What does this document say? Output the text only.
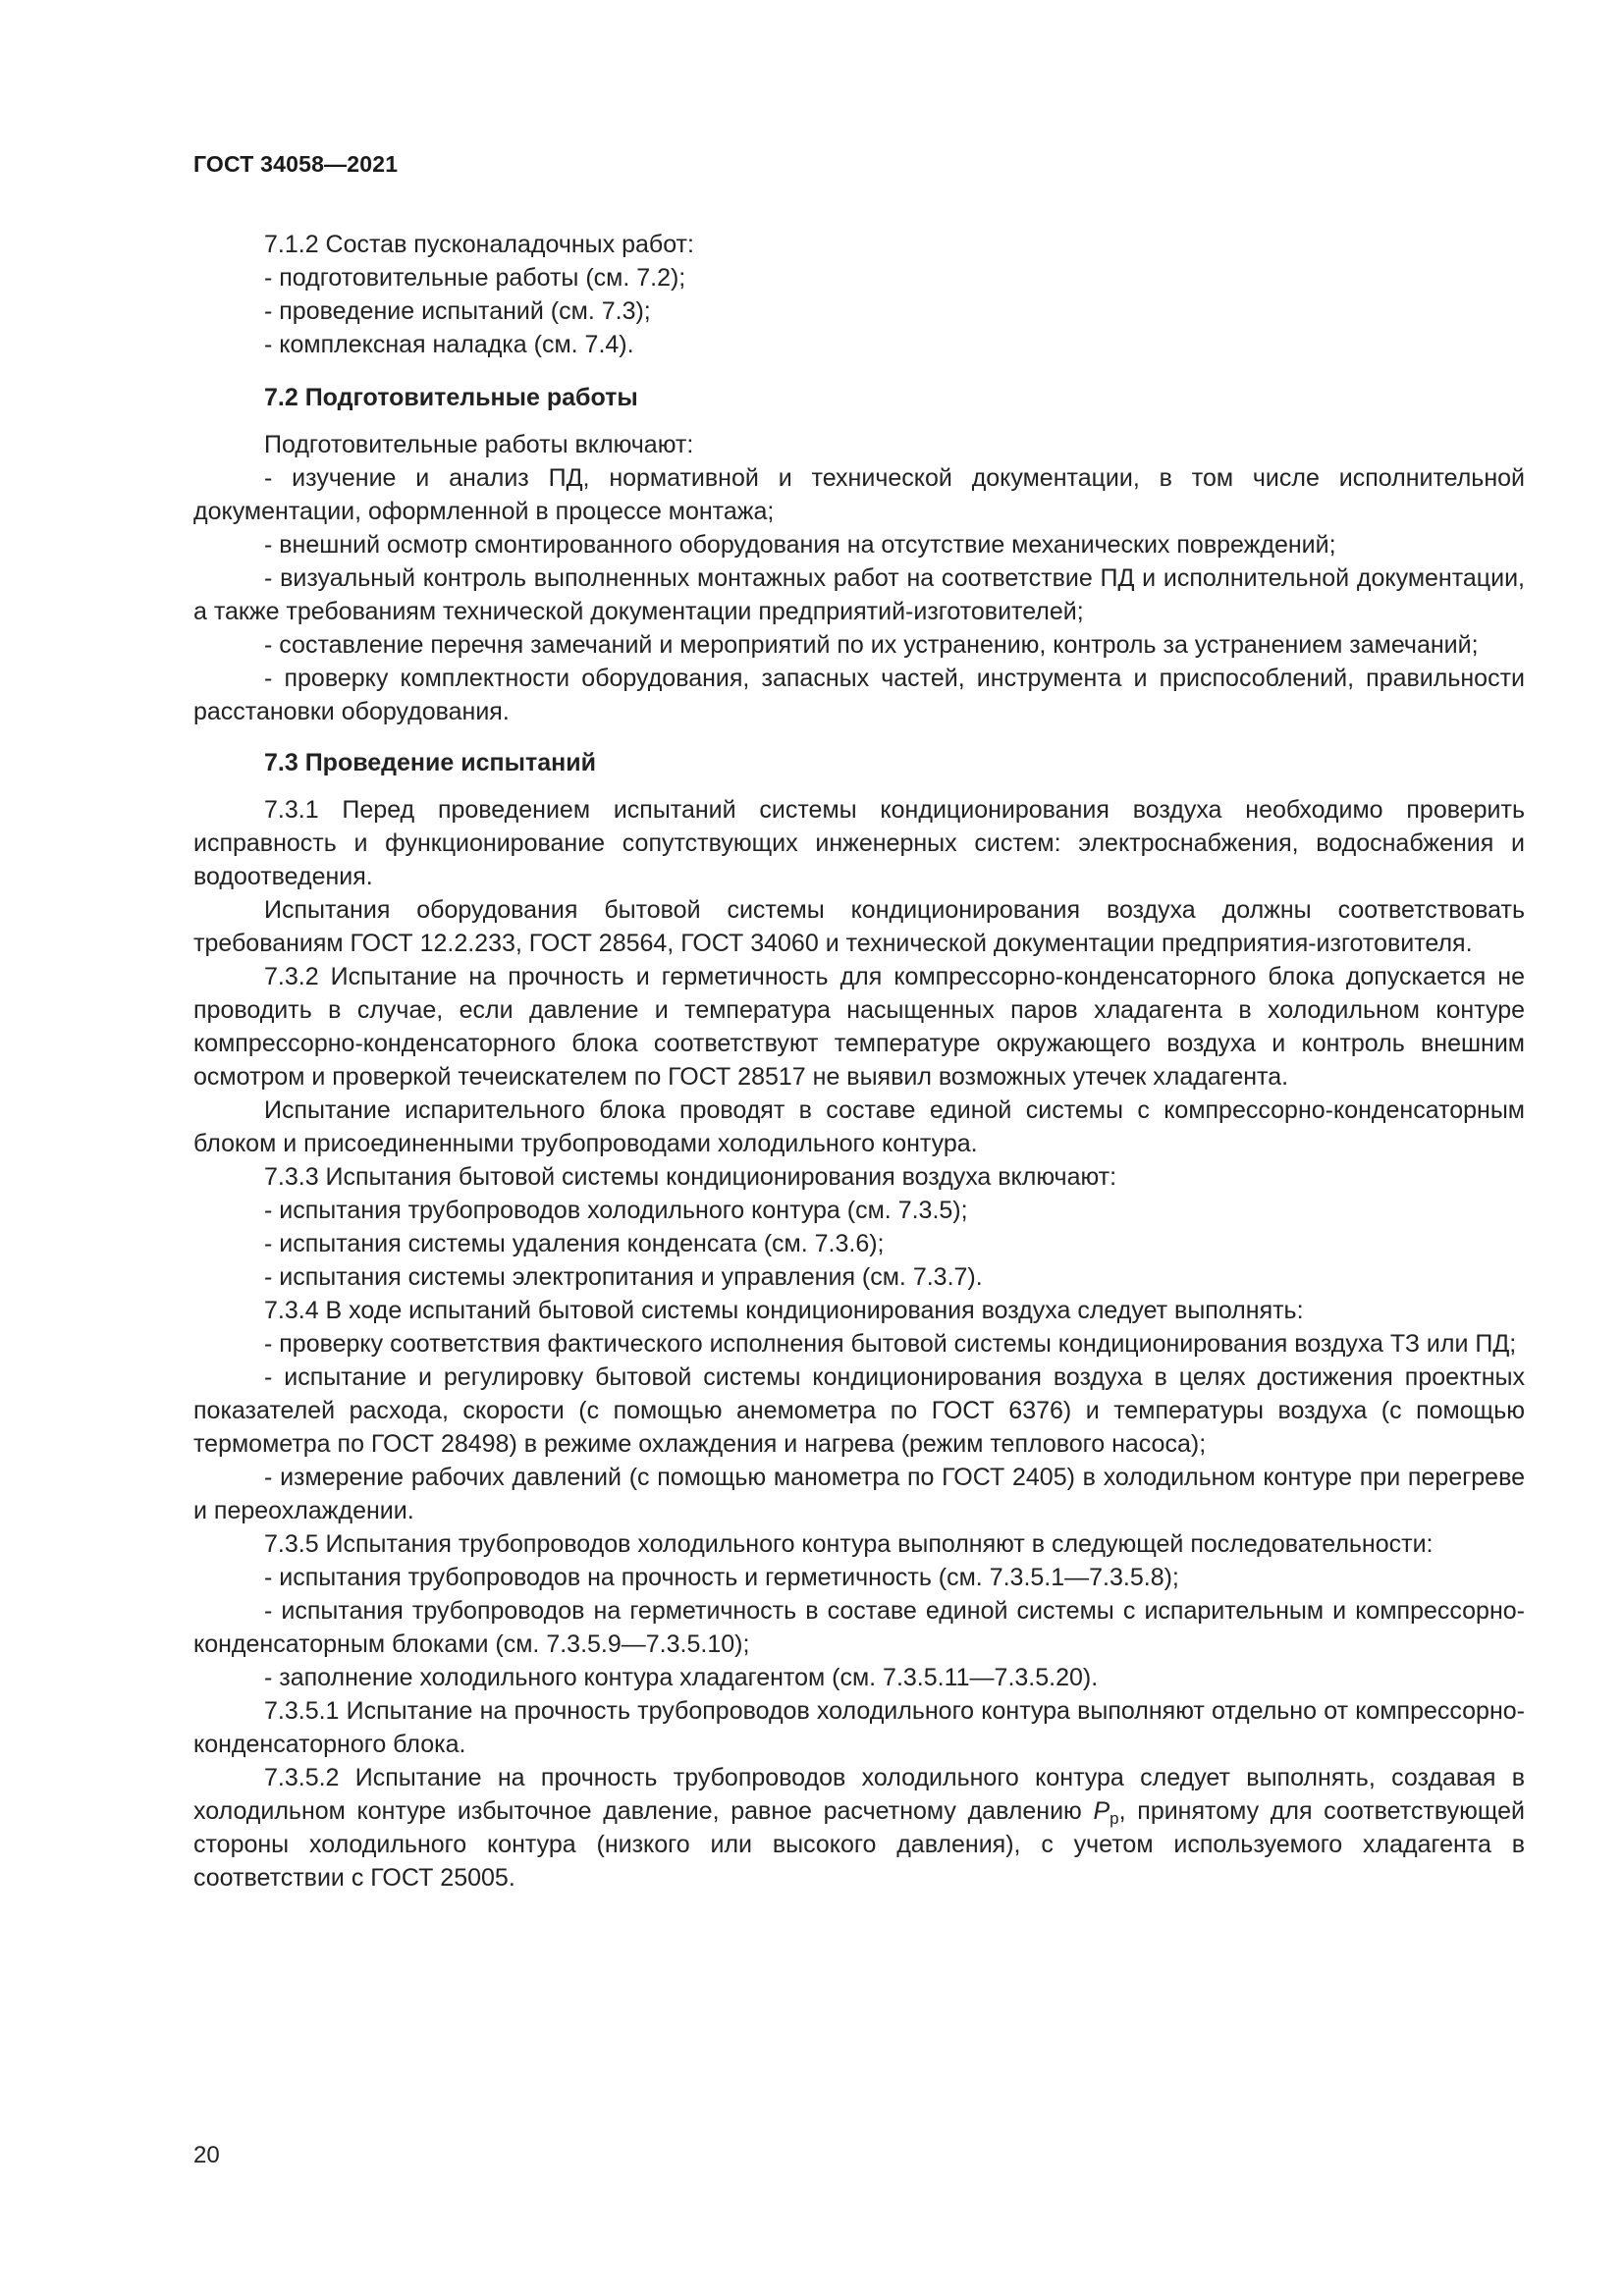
ГОСТ 34058—2021
7.1.2 Состав пусконаладочных работ:
- подготовительные работы (см. 7.2);
- проведение испытаний (см. 7.3);
- комплексная наладка (см. 7.4).
7.2 Подготовительные работы
Подготовительные работы включают:
- изучение и анализ ПД, нормативной и технической документации, в том числе исполнительной документации, оформленной в процессе монтажа;
- внешний осмотр смонтированного оборудования на отсутствие механических повреждений;
- визуальный контроль выполненных монтажных работ на соответствие ПД и исполнительной документации, а также требованиям технической документации предприятий-изготовителей;
- составление перечня замечаний и мероприятий по их устранению, контроль за устранением замечаний;
- проверку комплектности оборудования, запасных частей, инструмента и приспособлений, правильности расстановки оборудования.
7.3 Проведение испытаний
7.3.1 Перед проведением испытаний системы кондиционирования воздуха необходимо проверить исправность и функционирование сопутствующих инженерных систем: электроснабжения, водоснабжения и водоотведения.
Испытания оборудования бытовой системы кондиционирования воздуха должны соответствовать требованиям ГОСТ 12.2.233, ГОСТ 28564, ГОСТ 34060 и технической документации предприятия-изготовителя.
7.3.2 Испытание на прочность и герметичность для компрессорно-конденсаторного блока допускается не проводить в случае, если давление и температура насыщенных паров хладагента в холодильном контуре компрессорно-конденсаторного блока соответствуют температуре окружающего воздуха и контроль внешним осмотром и проверкой течеискателем по ГОСТ 28517 не выявил возможных утечек хладагента.
Испытание испарительного блока проводят в составе единой системы с компрессорно-конденсаторным блоком и присоединенными трубопроводами холодильного контура.
7.3.3 Испытания бытовой системы кондиционирования воздуха включают:
- испытания трубопроводов холодильного контура (см. 7.3.5);
- испытания системы удаления конденсата (см. 7.3.6);
- испытания системы электропитания и управления (см. 7.3.7).
7.3.4 В ходе испытаний бытовой системы кондиционирования воздуха следует выполнять:
- проверку соответствия фактического исполнения бытовой системы кондиционирования воздуха ТЗ или ПД;
- испытание и регулировку бытовой системы кондиционирования воздуха в целях достижения проектных показателей расхода, скорости (с помощью анемометра по ГОСТ 6376) и температуры воздуха (с помощью термометра по ГОСТ 28498) в режиме охлаждения и нагрева (режим теплового насоса);
- измерение рабочих давлений (с помощью манометра по ГОСТ 2405) в холодильном контуре при перегреве и переохлаждении.
7.3.5 Испытания трубопроводов холодильного контура выполняют в следующей последовательности:
- испытания трубопроводов на прочность и герметичность (см. 7.3.5.1—7.3.5.8);
- испытания трубопроводов на герметичность в составе единой системы с испарительным и компрессорно-конденсаторным блоками (см. 7.3.5.9—7.3.5.10);
- заполнение холодильного контура хладагентом (см. 7.3.5.11—7.3.5.20).
7.3.5.1 Испытание на прочность трубопроводов холодильного контура выполняют отдельно от компрессорно-конденсаторного блока.
7.3.5.2 Испытание на прочность трубопроводов холодильного контура следует выполнять, создавая в холодильном контуре избыточное давление, равное расчетному давлению $P_р$, принятому для соответствующей стороны холодильного контура (низкого или высокого давления), с учетом используемого хладагента в соответствии с ГОСТ 25005.
20
